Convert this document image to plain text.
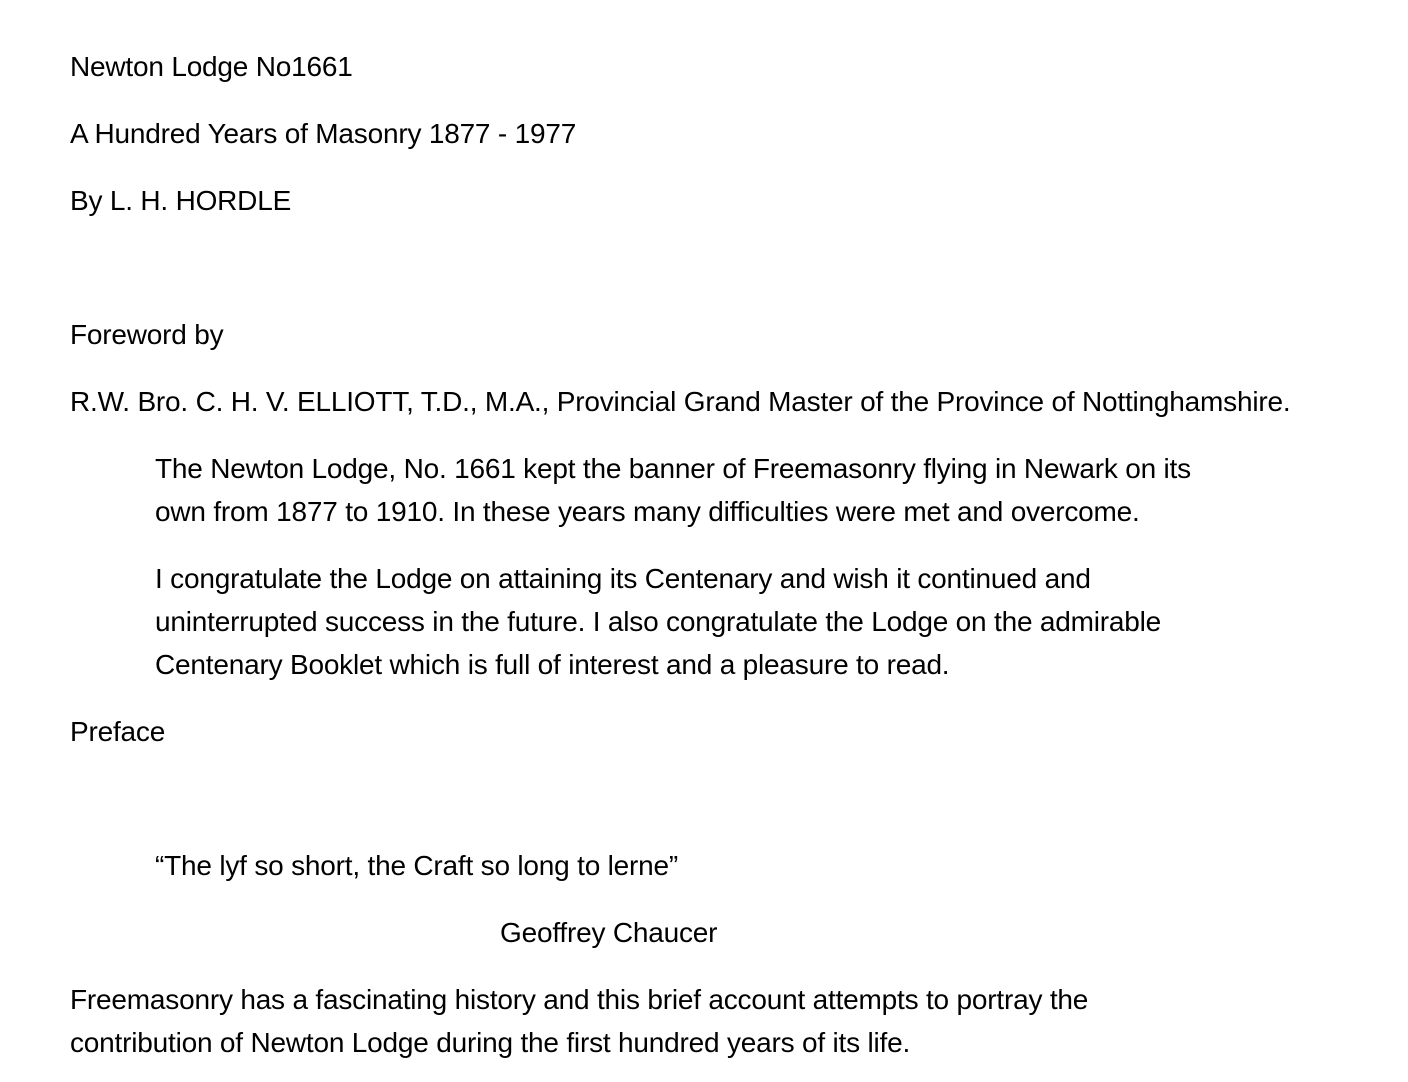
Newton Lodge No1661
A Hundred Years of Masonry 1877 - 1977
By L. H. HORDLE
Foreword by
R.W. Bro. C. H. V. ELLIOTT, T.D., M.A., Provincial Grand Master of the Province of Nottinghamshire.
The Newton Lodge, No. 1661 kept the banner of Freemasonry flying in Newark on its
own from 1877 to 1910. In these years many difficulties were met and overcome.
I congratulate the Lodge on attaining its Centenary and wish it continued and
uninterrupted success in the future. I also congratulate the Lodge on the admirable
Centenary Booklet which is full of interest and a pleasure to read.
Preface
“The lyf so short, the Craft so long to lerne”
Geoffrey Chaucer
Freemasonry has a fascinating history and this brief account attempts to portray the
contribution of Newton Lodge during the first hundred years of its life.
